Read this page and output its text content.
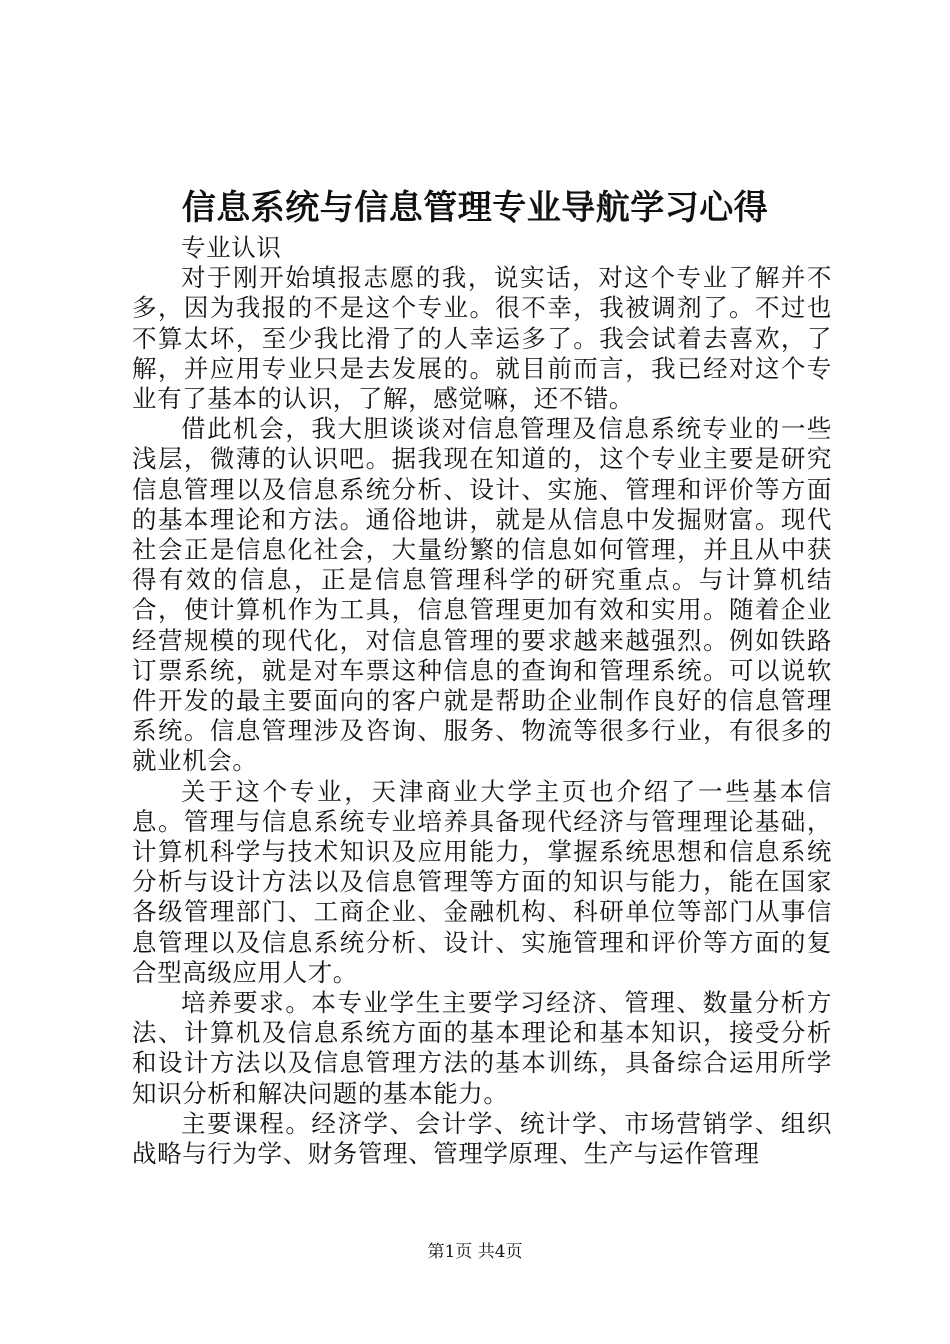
信息系统与信息管理专业导航学习心得

专业认识

对于刚开始填报志愿的我，说实话，对这个专业了解并不多，因为我报的不是这个专业。很不幸，我被调剂了。不过也不算太坏，至少我比滑了的人幸运多了。我会试着去喜欢，了解，并应用专业只是去发展的。就目前而言，我已经对这个专业有了基本的认识，了解，感觉嘛，还不错。

借此机会，我大胆谈谈对信息管理及信息系统专业的一些浅层，微薄的认识吧。据我现在知道的，这个专业主要是研究信息管理以及信息系统分析、设计、实施、管理和评价等方面的基本理论和方法。通俗地讲，就是从信息中发掘财富。现代社会正是信息化社会，大量纷繁的信息如何管理，并且从中获得有效的信息，正是信息管理科学的研究重点。与计算机结合，使计算机作为工具，信息管理更加有效和实用。随着企业经营规模的现代化，对信息管理的要求越来越强烈。例如铁路订票系统，就是对车票这种信息的查询和管理系统。可以说软件开发的最主要面向的客户就是帮助企业制作良好的信息管理系统。信息管理涉及咨询、服务、物流等很多行业，有很多的就业机会。

关于这个专业，天津商业大学主页也介绍了一些基本信息。管理与信息系统专业培养具备现代经济与管理理论基础，计算机科学与技术知识及应用能力，掌握系统思想和信息系统分析与设计方法以及信息管理等方面的知识与能力，能在国家各级管理部门、工商企业、金融机构、科研单位等部门从事信息管理以及信息系统分析、设计、实施管理和评价等方面的复合型高级应用人才。

培养要求。本专业学生主要学习经济、管理、数量分析方法、计算机及信息系统方面的基本理论和基本知识，接受分析和设计方法以及信息管理方法的基本训练，具备综合运用所学知识分析和解决问题的基本能力。

主要课程。经济学、会计学、统计学、市场营销学、组织战略与行为学、财务管理、管理学原理、生产与运作管理

第1页 共4页
